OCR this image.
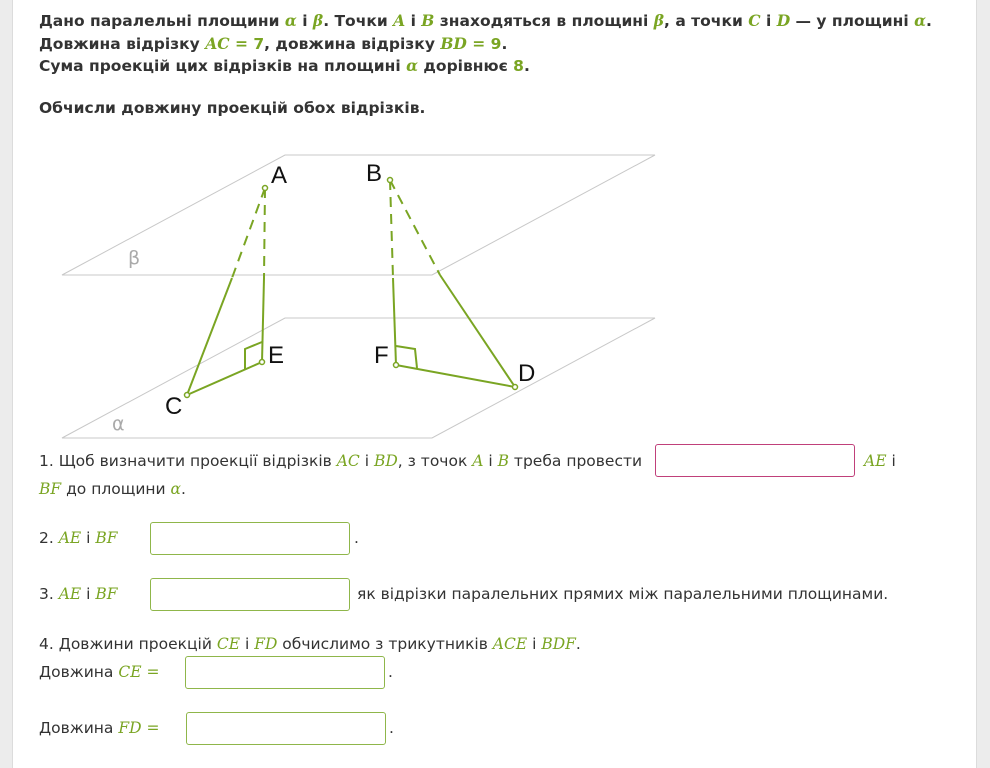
Дано паралельні площини α і β. Точки A і B знаходяться в площині β, а точки C і D — у площині α. Довжина відрізку AC = 7, довжина відрізку BD = 9.
Сума проекцій цих відрізків на площині α дорівнює 8.
Обчисли довжину проекцій обох відрізків.
A	B
C
D
E	F
β
α
1. Щоб визначити проекції відрізків AC і BD, з точок A і B треба провести	AE і
BF до площини α.
2. AE і BF	.
3. AE і BF	як відрізки паралельних прямих між паралельними площинами.
4. Довжини проекцій CE і FD обчислимо з трикутників ACE і BDF.
Довжина CE =	.
Довжина FD =	.
